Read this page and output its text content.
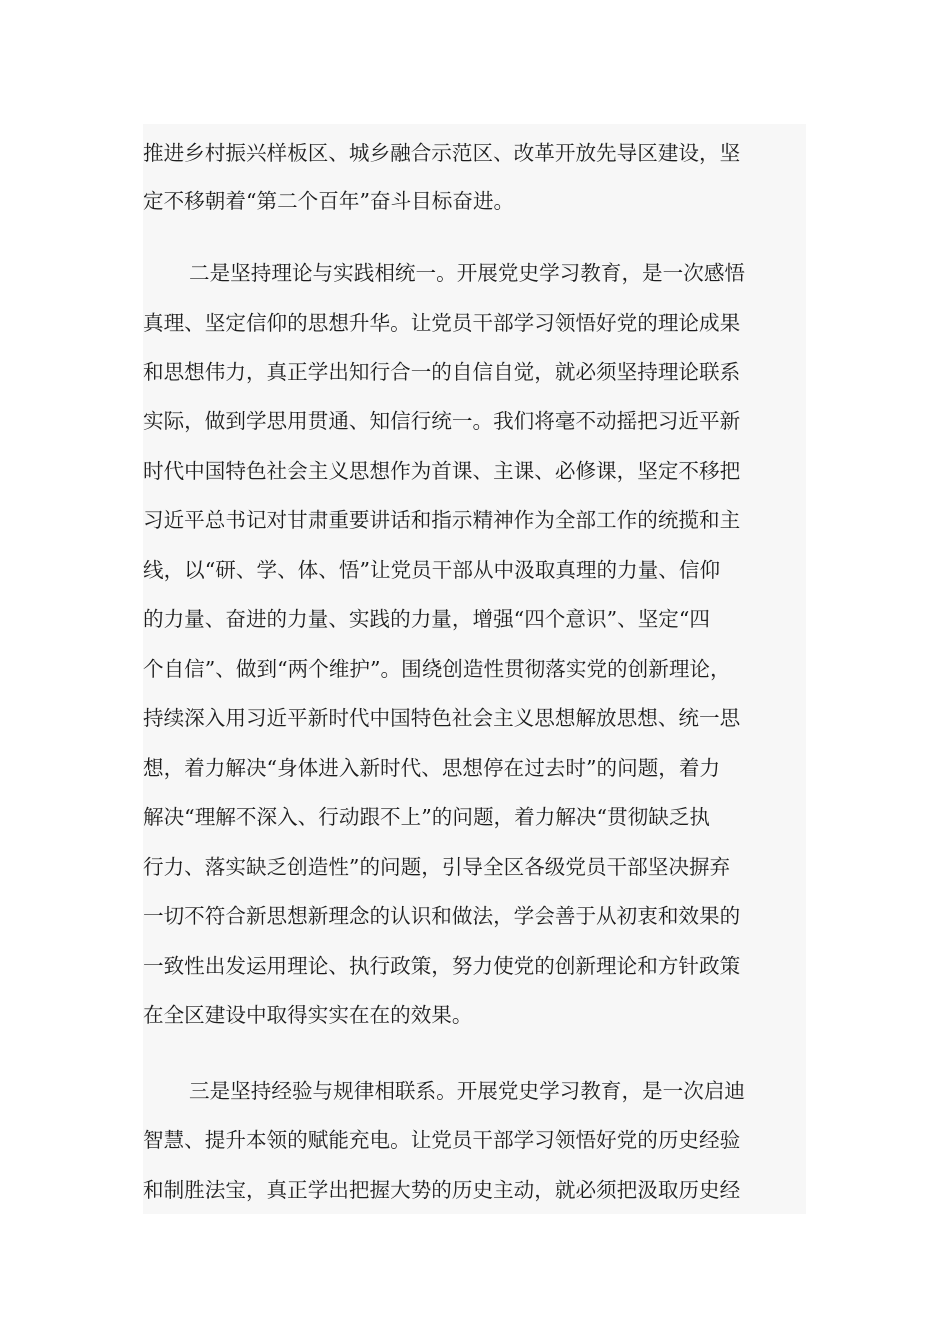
推进乡村振兴样板区、城乡融合示范区、改革开放先导区建设，坚
定不移朝着“第二个百年”奋斗目标奋进。
二是坚持理论与实践相统一。开展党史学习教育，是一次感悟
真理、坚定信仰的思想升华。让党员干部学习领悟好党的理论成果
和思想伟力，真正学出知行合一的自信自觉，就必须坚持理论联系
实际，做到学思用贯通、知信行统一。我们将毫不动摇把习近平新
时代中国特色社会主义思想作为首课、主课、必修课，坚定不移把
习近平总书记对甘肃重要讲话和指示精神作为全部工作的统揽和主
线，以“研、学、体、悟”让党员干部从中汲取真理的力量、信仰
的力量、奋进的力量、实践的力量，增强“四个意识”、坚定“四
个自信”、做到“两个维护”。围绕创造性贯彻落实党的创新理论，
持续深入用习近平新时代中国特色社会主义思想解放思想、统一思
想，着力解决“身体进入新时代、思想停在过去时”的问题，着力
解决“理解不深入、行动跟不上”的问题，着力解决“贯彻缺乏执
行力、落实缺乏创造性”的问题，引导全区各级党员干部坚决摒弃
一切不符合新思想新理念的认识和做法，学会善于从初衷和效果的
一致性出发运用理论、执行政策，努力使党的创新理论和方针政策
在全区建设中取得实实在在的效果。
三是坚持经验与规律相联系。开展党史学习教育，是一次启迪
智慧、提升本领的赋能充电。让党员干部学习领悟好党的历史经验
和制胜法宝，真正学出把握大势的历史主动，就必须把汲取历史经
